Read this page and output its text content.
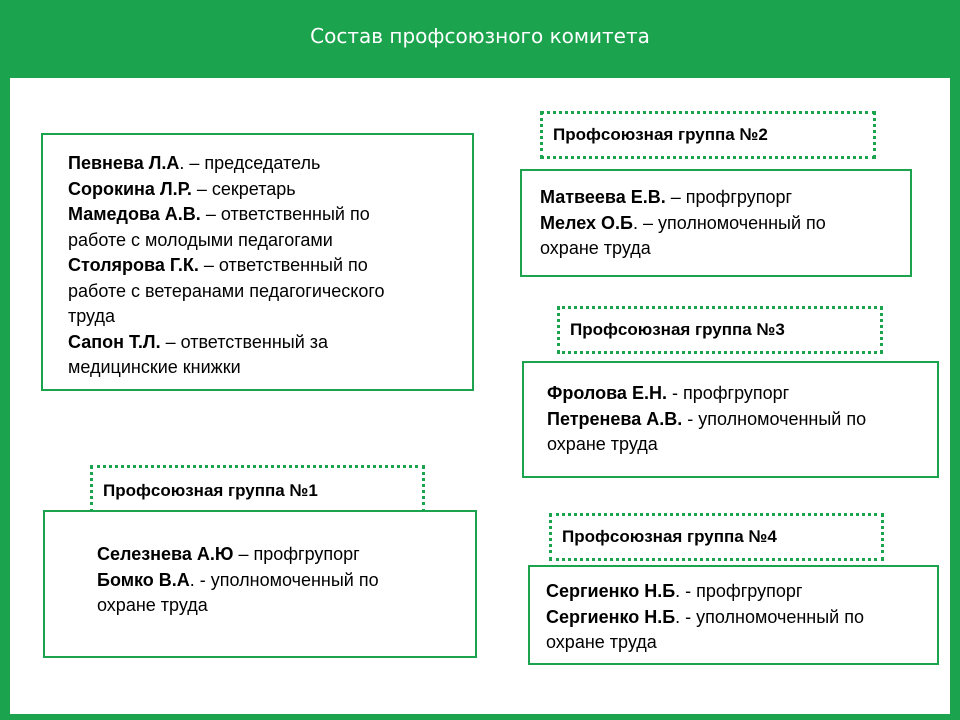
Состав профсоюзного комитета
Певнева Л.А. – председатель
Сорокина Л.Р. – секретарь
Мамедова А.В. – ответственный по
работе с молодыми педагогами
Столярова Г.К. – ответственный по
работе с ветеранами педагогического
труда
Сапон Т.Л. – ответственный за
медицинские книжки
Профсоюзная группа №1
Селезнева А.Ю – профгрупорг
Бомко В.А. - уполномоченный по
охране труда
Профсоюзная группа №2
Матвеева Е.В. – профгрупорг
Мелех О.Б. – уполномоченный по
охране труда
Профсоюзная группа №3
Фролова Е.Н. - профгрупорг
Петренева А.В. - уполномоченный по
охране труда
Профсоюзная группа №4
Сергиенко Н.Б. - профгрупорг
Сергиенко Н.Б. - уполномоченный по
охране труда
